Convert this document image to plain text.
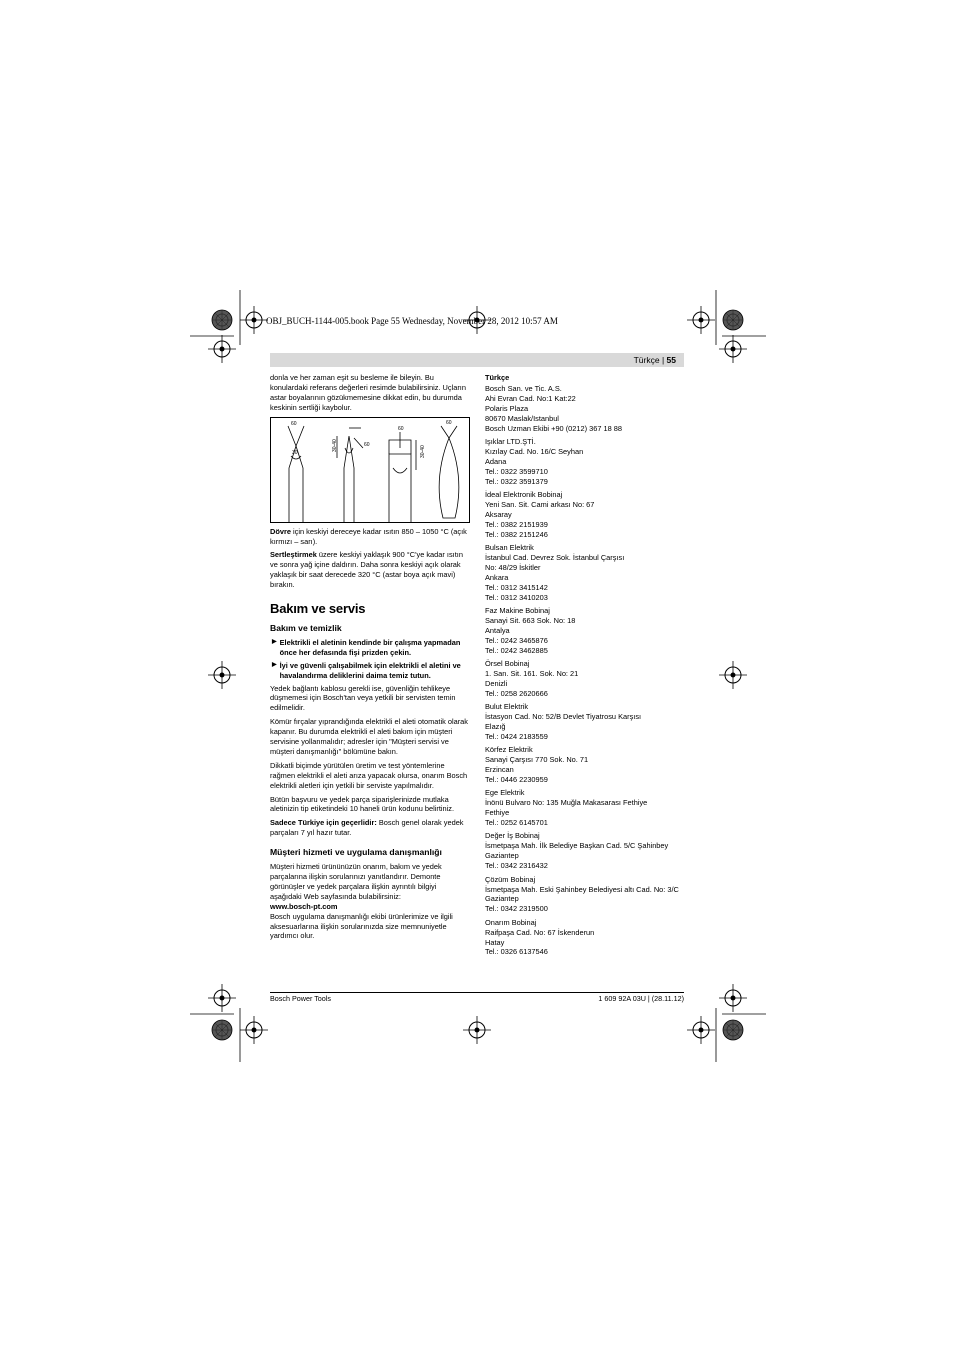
OBJ_BUCH-1144-005.book Page 55 Wednesday, November 28, 2012 10:57 AM
Türkçe | 55

donla ve her zaman eşit su besleme ile bileyin. Bu konulardaki referans değerleri resimde bulabilirsiniz. Uçların astar boyalarının gözükmemesine dikkat edin, bu durumda keskinin sertliği kaybolur.

60
30
30-40	60
60
30-40
60

Dövre için keskiyi dereceye kadar ısıtın 850 – 1050 °C (açık kırmızı – sarı).

Sertleştirmek üzere keskiyi yaklaşık 900 °C'ye kadar ısıtın ve sonra yağ içine daldırın. Daha sonra keskiyi açık olarak yaklaşık bir saat derecede 320 °C (astar boya açık mavi) bırakın.

Bakım ve servis
Bakım ve temizlik
▶ Elektrikli el aletinin kendinde bir çalışma yapmadan önce her defasında fişi prizden çekin.
▶ İyi ve güvenli çalışabilmek için elektrikli el aletini ve havalandırma deliklerini daima temiz tutun.

Yedek bağlantı kablosu gerekli ise, güvenliğin tehlikeye düşmemesi için Bosch'tan veya yetkili bir servisten temin edilmelidir.

Kömür fırçalar yıprandığında elektrikli el aleti otomatik olarak kapanır. Bu durumda elektrikli el aleti bakım için müşteri servisine yollanmalıdır; adresler için "Müşteri servisi ve müşteri danışmanlığı" bölümüne bakın.

Dikkatli biçimde yürütülen üretim ve test yöntemlerine rağmen elektrikli el aleti arıza yapacak olursa, onarım Bosch elektrikli aletleri için yetkili bir serviste yapılmalıdır.

Bütün başvuru ve yedek parça siparişlerinizde mutlaka aletinizin tip etiketindeki 10 haneli ürün kodunu belirtiniz.

Sadece Türkiye için geçerlidir: Bosch genel olarak yedek parçaları 7 yıl hazır tutar.

Müşteri hizmeti ve uygulama danışmanlığı

Müşteri hizmeti ürününüzün onarım, bakım ve yedek parçalarına ilişkin sorularınızı yanıtlandırır. Demonte görünüşler ve yedek parçalara ilişkin ayrıntılı bilgiyi aşağıdaki Web sayfasında bulabilirsiniz:
www.bosch-pt.com

Bosch uygulama danışmanlığı ekibi ürünlerimize ve ilgili aksesuarlarına ilişkin sorularınızda size memnuniyetle yardımcı olur.

Türkçe

Bosch San. ve Tic. A.S.
Ahi Evran Cad. No:1 Kat:22
Polaris Plaza
80670 Maslak/Istanbul
Bosch Uzman Ekibi +90 (0212) 367 18 88
Işıklar LTD.ŞTİ.
Kızılay Cad. No. 16/C Seyhan
Adana
Tel.: 0322 3599710
Tel.: 0322 3591379
İdeal Elektronik Bobinaj
Yeni San. Sit. Cami arkası No: 67
Aksaray
Tel.: 0382 2151939
Tel.: 0382 2151246
Bulsan Elektrik
İstanbul Cad. Devrez Sok. İstanbul Çarşısı
No: 48/29 İskitler
Ankara
Tel.: 0312 3415142
Tel.: 0312 3410203
Faz Makine Bobinaj
Sanayi Sit. 663 Sok. No: 18
Antalya
Tel.: 0242 3465876
Tel.: 0242 3462885
Örsel Bobinaj
1. San. Sit. 161. Sok. No: 21
Denizli
Tel.: 0258 2620666
Bulut Elektrik
İstasyon Cad. No: 52/B Devlet Tiyatrosu Karşısı
Elazığ
Tel.: 0424 2183559
Körfez Elektrik
Sanayi Çarşısı 770 Sok. No. 71
Erzincan
Tel.: 0446 2230959
Ege Elektrik
İnönü Bulvaro No: 135 Muğla Makasarası Fethiye
Fethiye
Tel.: 0252 6145701
Değer İş Bobinaj
İsmetpaşa Mah. İlk Belediye Başkan Cad. 5/C Şahinbey
Gaziantep
Tel.: 0342 2316432
Çözüm Bobinaj
İsmetpaşa Mah. Eski Şahinbey Belediyesi altı Cad. No: 3/C
Gaziantep
Tel.: 0342 2319500
Onarım Bobinaj
Raifpaşa Cad. No: 67 İskenderun
Hatay
Tel.: 0326 6137546
Bosch Power Tools	1 609 92A 03U | (28.11.12)
